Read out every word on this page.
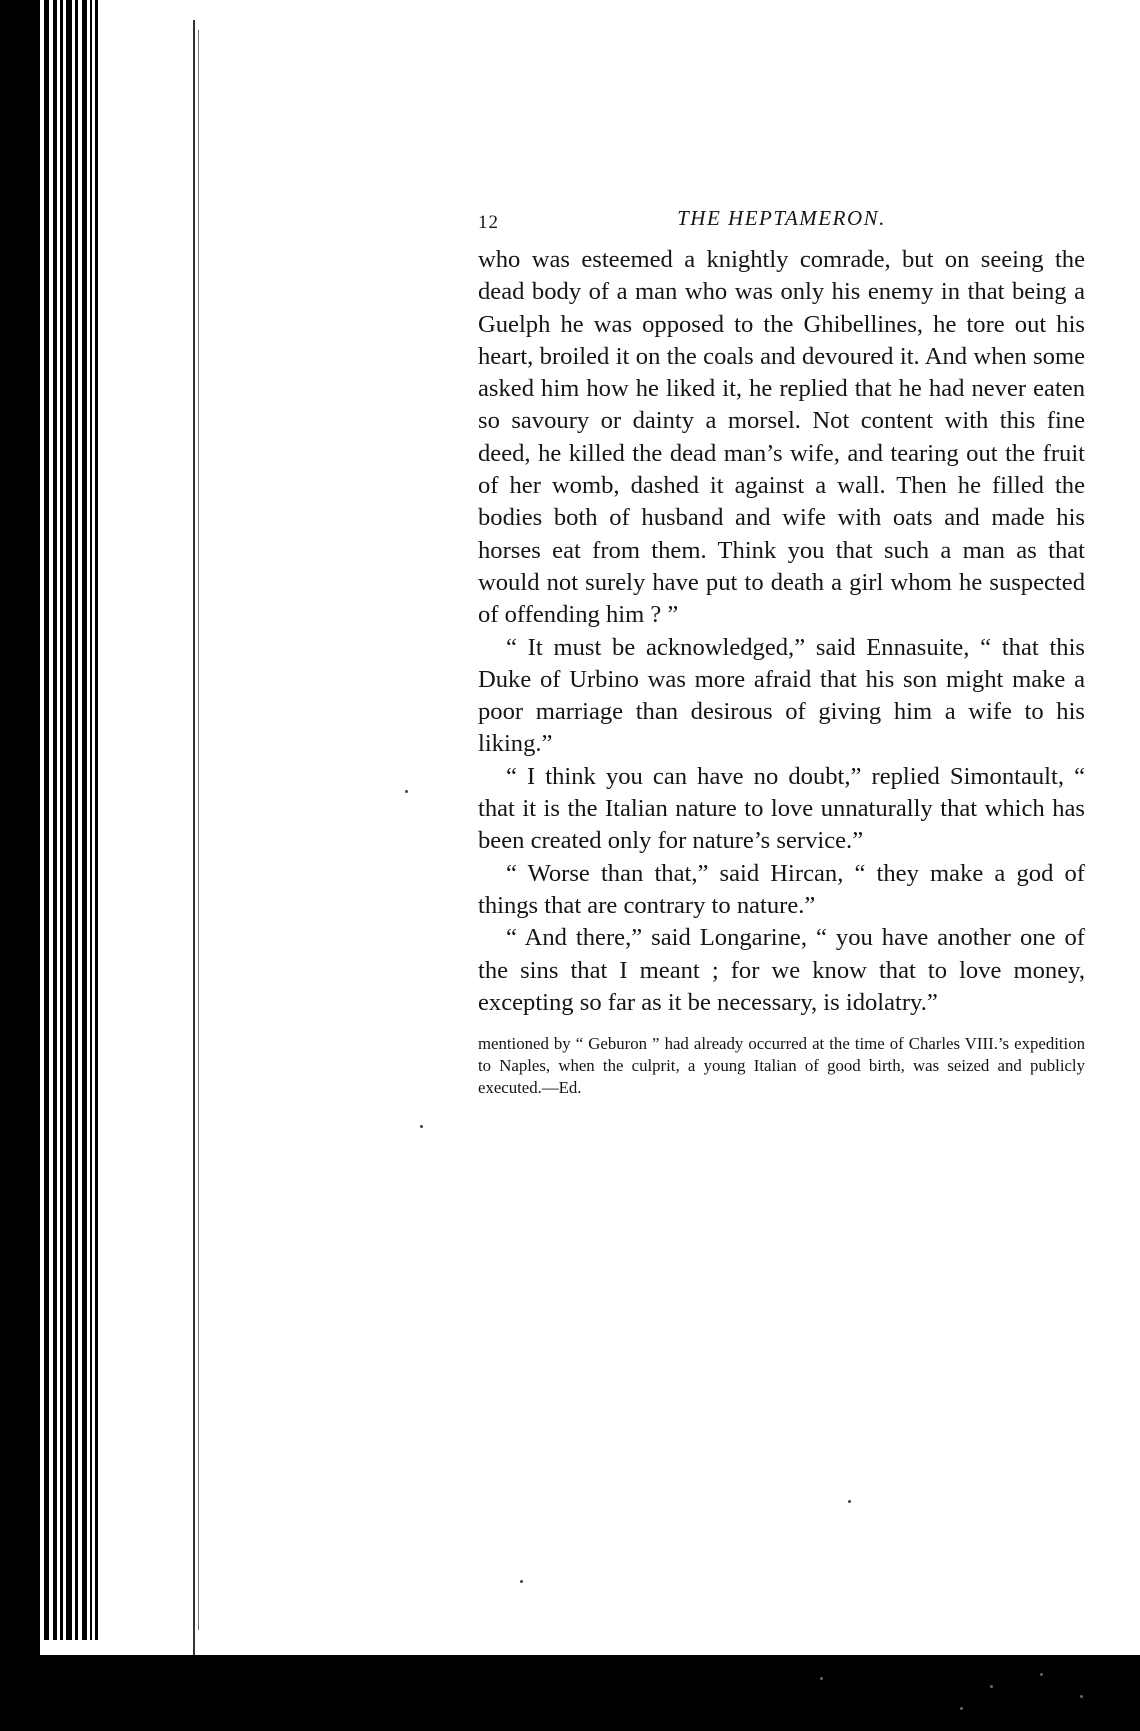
12	THE HEPTAMERON.

who was esteemed a knightly comrade, but on seeing the dead body of a man who was only his enemy in that being a Guelph he was opposed to the Ghibellines, he tore out his heart, broiled it on the coals and devoured it. And when some asked him how he liked it, he replied that he had never eaten so savoury or dainty a morsel. Not content with this fine deed, he killed the dead man’s wife, and tearing out the fruit of her womb, dashed it against a wall. Then he filled the bodies both of husband and wife with oats and made his horses eat from them. Think you that such a man as that would not surely have put to death a girl whom he suspected of offending him ? ”

“ It must be acknowledged,” said Ennasuite, “ that this Duke of Urbino was more afraid that his son might make a poor marriage than desirous of giving him a wife to his liking.”

“ I think you can have no doubt,” replied Simontault, “ that it is the Italian nature to love unnaturally that which has been created only for nature’s service.”

“ Worse than that,” said Hircan, “ they make a god of things that are contrary to nature.”

“ And there,” said Longarine, “ you have another one of the sins that I meant ; for we know that to love money, excepting so far as it be necessary, is idolatry.”

mentioned by “ Geburon ” had already occurred at the time of Charles VIII.’s expedition to Naples, when the culprit, a young Italian of good birth, was seized and publicly executed.—Ed.
